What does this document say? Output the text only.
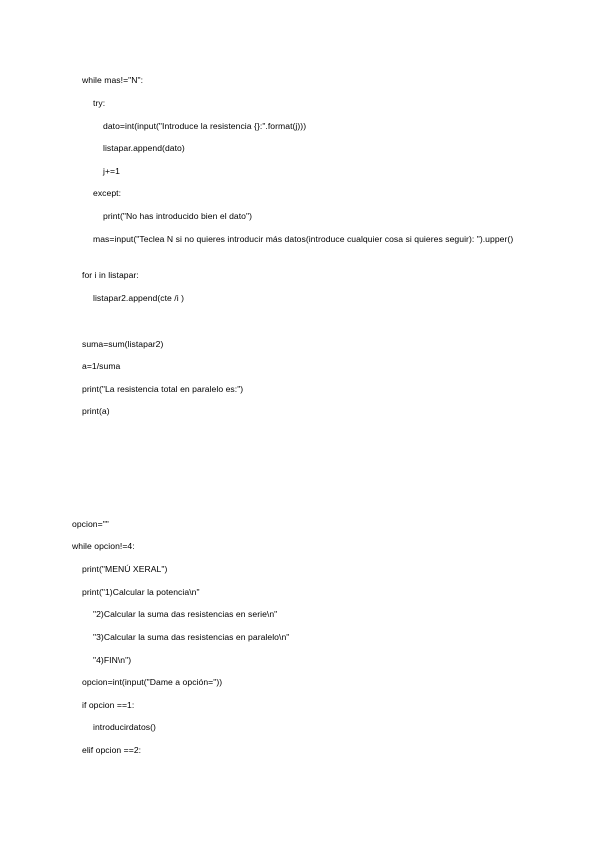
while mas!="N":
try:
dato=int(input("Introduce la resistencia {}:".format(j)))
listapar.append(dato)
j+=1
except:
print("No has introducido bien el dato")
mas=input("Teclea N si no quieres introducir más datos(introduce cualquier cosa si quieres seguir): ").upper()
for i in listapar:
listapar2.append(cte /i )
suma=sum(listapar2)
a=1/suma
print("La resistencia total en paralelo es:")
print(a)
opcion=""
while opcion!=4:
print("MENÚ XERAL")
print("1)Calcular la potencia\n"
"2)Calcular la suma das resistencias en serie\n"
"3)Calcular la suma das resistencias en paralelo\n"
"4)FIN\n")
opcion=int(input("Dame a opción="))
if opcion ==1:
introducirdatos()
elif opcion ==2:
